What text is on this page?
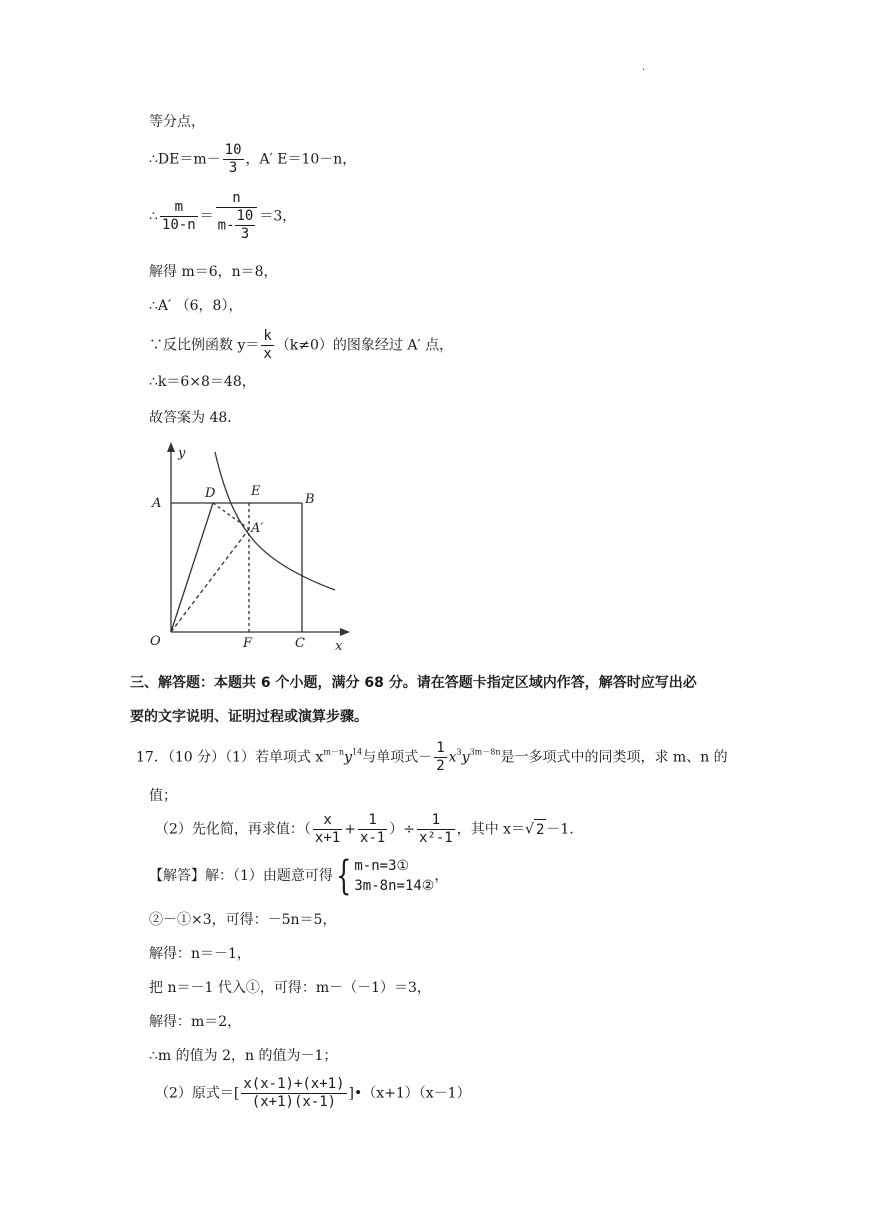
.
等分点，
∴DE＝m－ $\frac{10}{3}$ ，A′ E＝10－n，
∴ $\frac{m}{10-n} = \frac{n}{m- \frac{10}{3}} =3$，
解得 m＝6，n＝8，
∴A′ （6，8），
∵反比例函数 $y= \frac{k}{x} (k\ne 0)$的图象经过 A′ 点，
∴k＝6×8＝48，
故答案为 48．
y
x
O
A
D	E
B
A′
F	C
三、解答题：本题共 6 个小题，满分 68 分。请在答题卡指定区域内作答，解答时应写出必
要的文字说明、证明过程或演算步骤。
17．（10 分）（1）若单项式 $x^{m-n}y^{14}$与单项式－ $\frac{1}{2} x^3y^{3m-8n}$是一多项式中的同类项，求 m、n 的
值；
（2）先化简，再求值：（ $\frac{x}{x+1} + \frac{1}{x-1}$ ）÷ $\frac{1}{\text{x²-1}}$ ，其中 x＝√ 2 －1．
【解答】解：（1）由题意可得{ m-n=3①
3m-8n=14②
，
②－①×3，可得：－5n＝5，
解得：n＝－1，
把 n＝－1 代入①，可得：m－（－1）＝3，
解得：m＝2，
∴m 的值为 2，n 的值为－1；
（2）原式＝[ $\frac{x(x-1)+(x+1)}{(x+1)(x-1)}$ ]•（x+1）（x－1）
